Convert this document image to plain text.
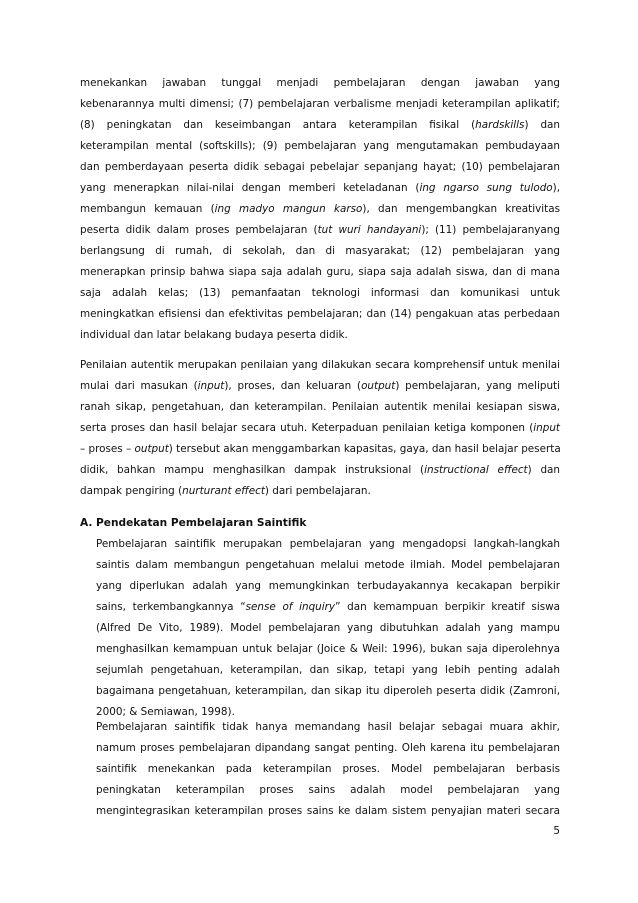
menekankan jawaban tunggal menjadi pembelajaran dengan jawaban yang
kebenarannya multi dimensi; (7) pembelajaran verbalisme menjadi keterampilan aplikatif;
(8) peningkatan dan keseimbangan antara keterampilan fisikal (hardskills) dan
keterampilan mental (softskills); (9) pembelajaran yang mengutamakan pembudayaan
dan pemberdayaan peserta didik sebagai pebelajar sepanjang hayat; (10) pembelajaran
yang menerapkan nilai-nilai dengan memberi keteladanan (ing ngarso sung tulodo),
membangun kemauan (ing madyo mangun karso), dan mengembangkan kreativitas
peserta didik dalam proses pembelajaran (tut wuri handayani); (11) pembelajaranyang
berlangsung di rumah, di sekolah, dan di masyarakat; (12) pembelajaran yang
menerapkan prinsip bahwa siapa saja adalah guru, siapa saja adalah siswa, dan di mana
saja adalah kelas; (13) pemanfaatan teknologi informasi dan komunikasi untuk
meningkatkan efisiensi dan efektivitas pembelajaran; dan (14) pengakuan atas perbedaan
individual dan latar belakang budaya peserta didik.
Penilaian autentik merupakan penilaian yang dilakukan secara komprehensif untuk menilai
mulai dari masukan (input), proses, dan keluaran (output) pembelajaran, yang meliputi
ranah sikap, pengetahuan, dan keterampilan. Penilaian autentik menilai kesiapan siswa,
serta proses dan hasil belajar secara utuh. Keterpaduan penilaian ketiga komponen (input
– proses – output) tersebut akan menggambarkan kapasitas, gaya, dan hasil belajar peserta
didik, bahkan mampu menghasilkan dampak instruksional (instructional effect) dan
dampak pengiring (nurturant effect) dari pembelajaran.

A. Pendekatan Pembelajaran Saintifik

Pembelajaran saintifik merupakan pembelajaran yang mengadopsi langkah-langkah
saintis dalam membangun pengetahuan melalui metode ilmiah. Model pembelajaran
yang diperlukan adalah yang memungkinkan terbudayakannya kecakapan berpikir
sains, terkembangkannya “sense of inquiry” dan kemampuan berpikir kreatif siswa
(Alfred De Vito, 1989). Model pembelajaran yang dibutuhkan adalah yang mampu
menghasilkan kemampuan untuk belajar (Joice & Weil: 1996), bukan saja diperolehnya
sejumlah pengetahuan, keterampilan, dan sikap, tetapi yang lebih penting adalah
bagaimana pengetahuan, keterampilan, dan sikap itu diperoleh peserta didik (Zamroni,
2000; & Semiawan, 1998).
Pembelajaran saintifik tidak hanya memandang hasil belajar sebagai muara akhir,
namum proses pembelajaran dipandang sangat penting. Oleh karena itu pembelajaran
saintifik menekankan pada keterampilan proses. Model pembelajaran berbasis
peningkatan keterampilan proses sains adalah model pembelajaran yang
mengintegrasikan keterampilan proses sains ke dalam sistem penyajian materi secara

5
